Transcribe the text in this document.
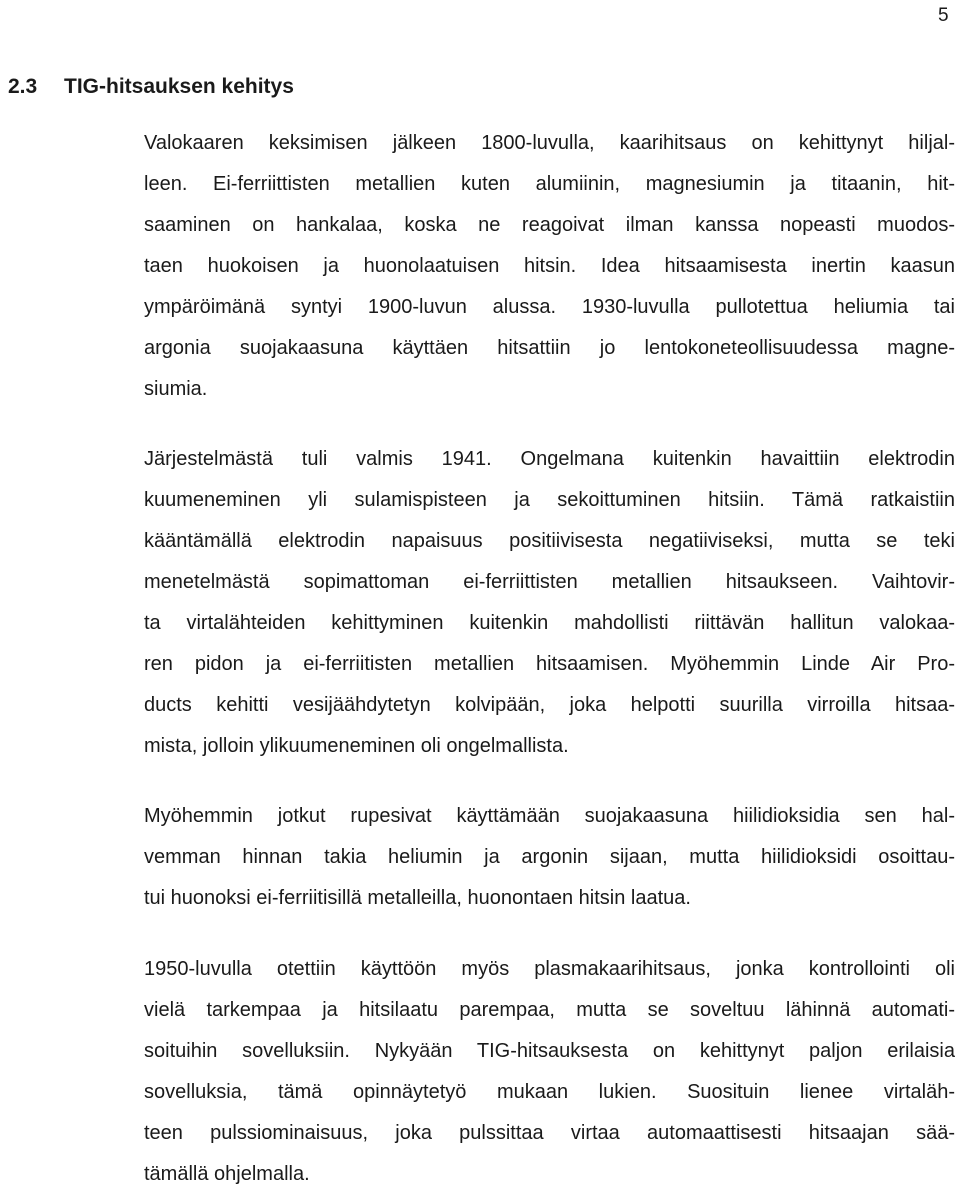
5
2.3 TIG-hitsauksen kehitys
Valokaaren keksimisen jälkeen 1800-luvulla, kaarihitsaus on kehittynyt hiljal-
leen. Ei-ferriittisten metallien kuten alumiinin, magnesiumin ja titaanin, hit-
saaminen on hankalaa, koska ne reagoivat ilman kanssa nopeasti muodos-
taen huokoisen ja huonolaatuisen hitsin. Idea hitsaamisesta inertin kaasun
ympäröimänä syntyi 1900-luvun alussa. 1930-luvulla pullotettua heliumia tai
argonia suojakaasuna käyttäen hitsattiin jo lentokoneteollisuudessa magne-
siumia.
Järjestelmästä tuli valmis 1941. Ongelmana kuitenkin havaittiin elektrodin
kuumeneminen yli sulamispisteen ja sekoittuminen hitsiin. Tämä ratkaistiin
kääntämällä elektrodin napaisuus positiivisesta negatiiviseksi, mutta se teki
menetelmästä sopimattoman ei-ferriittisten metallien hitsaukseen. Vaihtovir-
ta virtalähteiden kehittyminen kuitenkin mahdollisti riittävän hallitun valokaa-
ren pidon ja ei-ferriitisten metallien hitsaamisen. Myöhemmin Linde Air Pro-
ducts kehitti vesijäähdytetyn kolvipään, joka helpotti suurilla virroilla hitsaa-
mista, jolloin ylikuumeneminen oli ongelmallista.
Myöhemmin jotkut rupesivat käyttämään suojakaasuna hiilidioksidia sen hal-
vemman hinnan takia heliumin ja argonin sijaan, mutta hiilidioksidi osoittau-
tui huonoksi ei-ferriitisillä metalleilla, huonontaen hitsin laatua.
1950-luvulla otettiin käyttöön myös plasmakaarihitsaus, jonka kontrollointi oli
vielä tarkempaa ja hitsilaatu parempaa, mutta se soveltuu lähinnä automati-
soituihin sovelluksiin. Nykyään TIG-hitsauksesta on kehittynyt paljon erilaisia
sovelluksia, tämä opinnäytetyö mukaan lukien. Suosituin lienee virtaläh-
teen pulssiominaisuus, joka pulssittaa virtaa automaattisesti hitsaajan sää-
tämällä ohjelmalla.
